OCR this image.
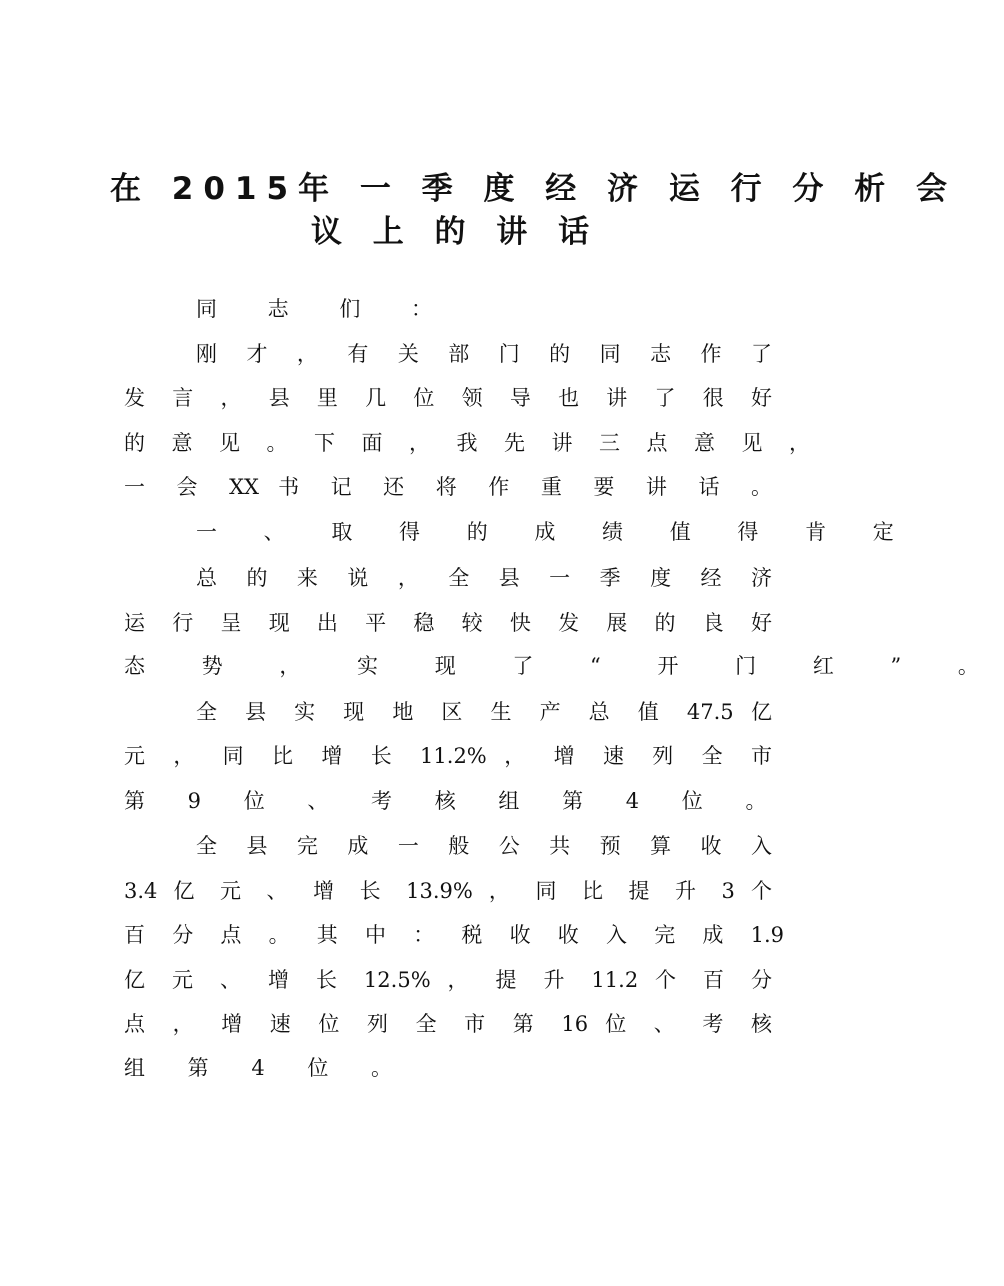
在 2015年 一 季 度 经 济 运 行 分 析 会
议 上 的 讲 话

同 志 们 ：

刚 才 ， 有 关 部 门 的 同 志 作 了

发 言 ， 县 里 几 位 领 导 也 讲 了 很 好

的 意 见 。 下 面 ， 我 先 讲 三 点 意 见 ，

一 会 XX 书 记 还 将 作 重 要 讲 话 。

一 、 取 得 的 成 绩 值 得 肯 定

总 的 来 说 ， 全 县 一 季 度 经 济

运 行 呈 现 出 平 稳 较 快 发 展 的 良 好

态 势 ， 实 现 了 “ 开 门 红 ” 。

全 县 实 现 地 区 生 产 总 值 47.5 亿

元 ， 同 比 增 长 11.2% ， 增 速 列 全 市

第 9 位 、 考 核 组 第 4 位 。

全 县 完 成 一 般 公 共 预 算 收 入

3.4 亿 元 、 增 长 13.9% ， 同 比 提 升 3 个

百 分 点 。 其 中 ： 税 收 收 入 完 成 1.9

亿 元 、 增 长 12.5% ， 提 升 11.2 个 百 分

点 ， 增 速 位 列 全 市 第 16 位 、 考 核

组 第 4 位 。
